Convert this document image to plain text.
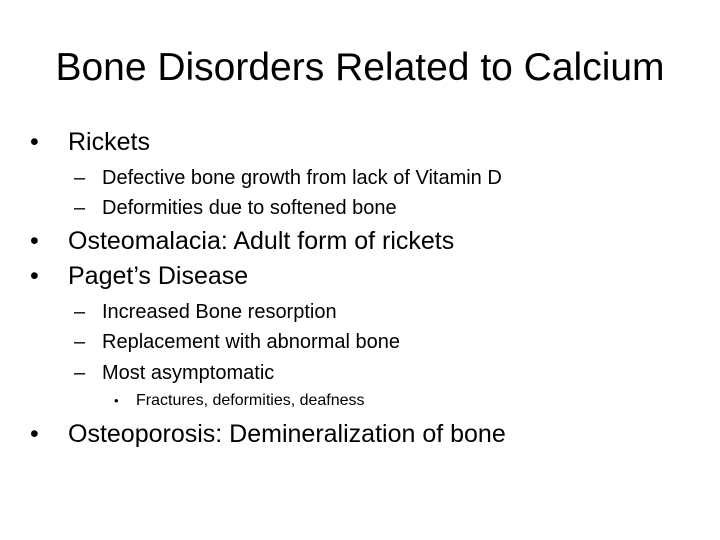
Bone Disorders Related to Calcium
• Rickets
– Defective bone growth from lack of Vitamin D
– Deformities due to softened bone
• Osteomalacia: Adult form of rickets
• Paget’s Disease
– Increased Bone resorption
– Replacement with abnormal bone
– Most asymptomatic
• Fractures, deformities, deafness
• Osteoporosis: Demineralization of bone
